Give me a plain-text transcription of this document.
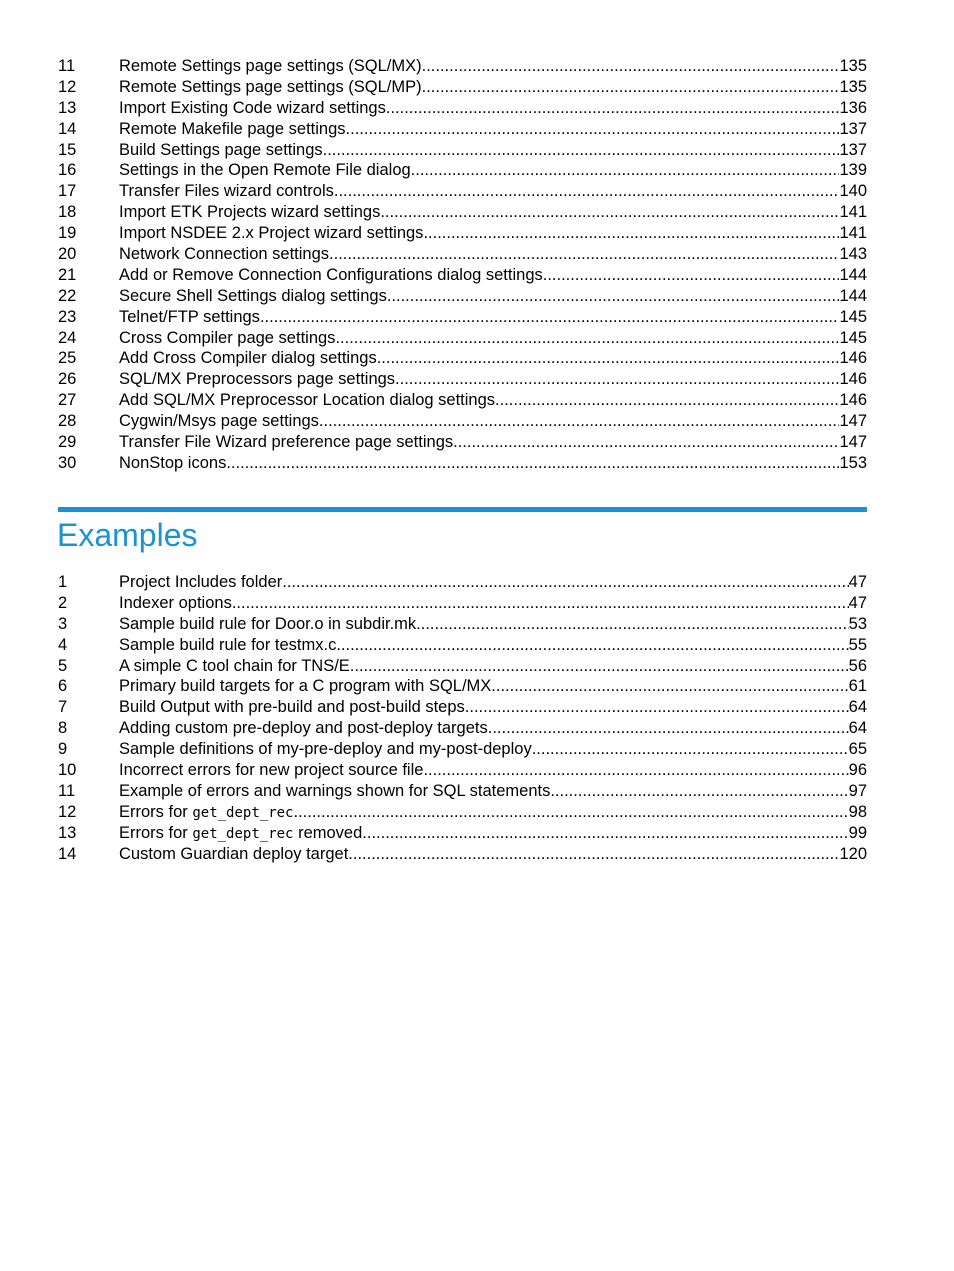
11	Remote Settings page settings (SQL/MX) .....	135
12	Remote Settings page settings (SQL/MP) .....	135
13	Import Existing Code wizard settings .....	136
14	Remote Makefile page settings .....	137
15	Build Settings page settings .....	137
16	Settings in the Open Remote File dialog .....	139
17	Transfer Files wizard controls .....	140
18	Import ETK Projects wizard settings .....	141
19	Import NSDEE 2.x Project wizard settings .....	141
20	Network Connection settings .....	143
21	Add or Remove Connection Configurations dialog settings .....	144
22	Secure Shell Settings dialog settings .....	144
23	Telnet/FTP settings .....	145
24	Cross Compiler page settings .....	145
25	Add Cross Compiler dialog settings .....	146
26	SQL/MX Preprocessors page settings .....	146
27	Add SQL/MX Preprocessor Location dialog settings .....	146
28	Cygwin/Msys page settings .....	147
29	Transfer File Wizard preference page settings .....	147
30	NonStop icons .....	153
Examples
1	Project Includes folder .....	47
2	Indexer options .....	47
3	Sample build rule for Door.o in subdir.mk .....	53
4	Sample build rule for testmx.c .....	55
5	A simple C tool chain for TNS/E .....	56
6	Primary build targets for a C program with SQL/MX .....	61
7	Build Output with pre-build and post-build steps .....	64
8	Adding custom pre-deploy and post-deploy targets .....	64
9	Sample definitions of my-pre-deploy and my-post-deploy .....	65
10	Incorrect errors for new project source file .....	96
11	Example of errors and warnings shown for SQL statements .....	97
12	Errors for get_dept_rec .....	98
13	Errors for get_dept_rec removed .....	99
14	Custom Guardian deploy target .....	120
